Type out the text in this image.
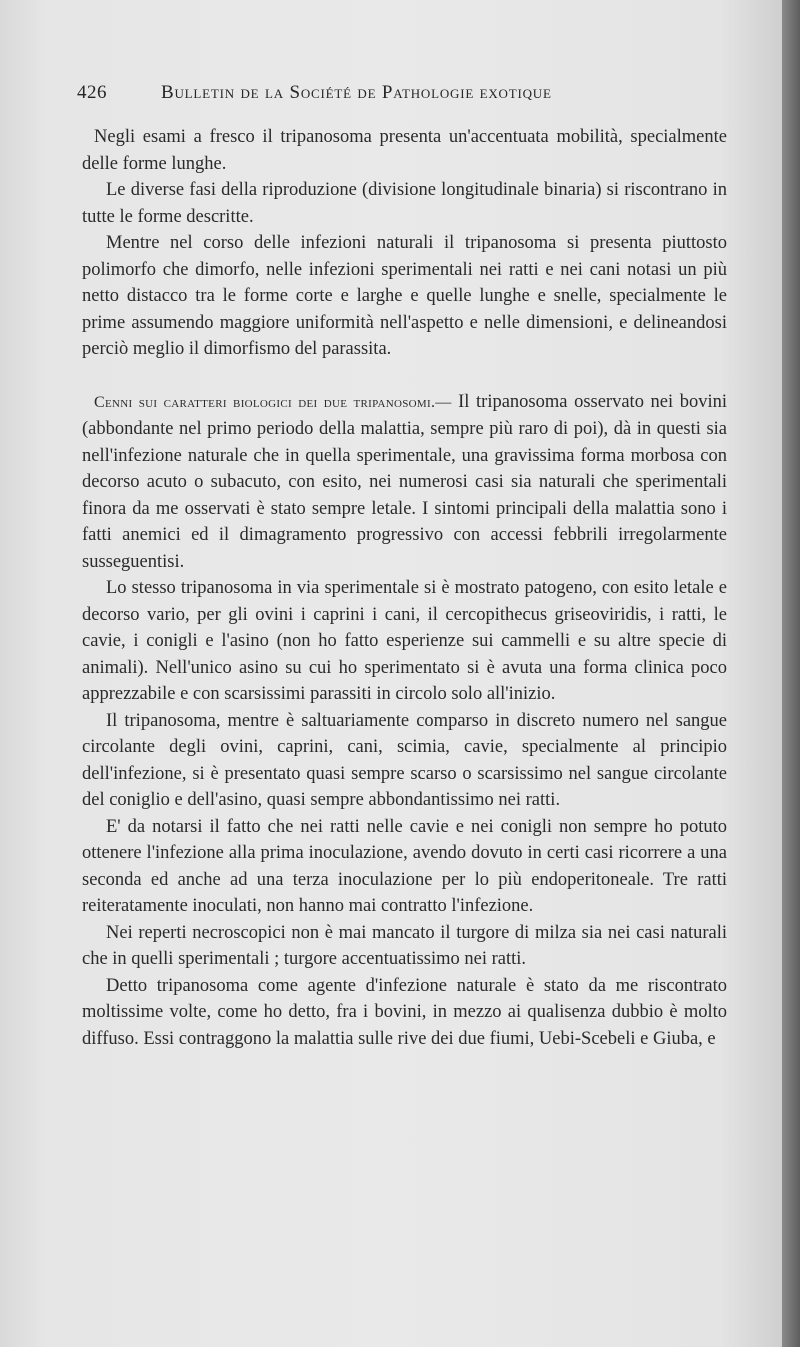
426	Bulletin de la Société de Pathologie exotique

Negli esami a fresco il tripanosoma presenta un'accentuata mobilità, specialmente delle forme lunghe.

Le diverse fasi della riproduzione (divisione longitudinale binaria) si riscontrano in tutte le forme descritte.

Mentre nel corso delle infezioni naturali il tripanosoma si presenta piuttosto polimorfo che dimorfo, nelle infezioni sperimentali nei ratti e nei cani notasi un più netto distacco tra le forme corte e larghe e quelle lunghe e snelle, specialmente le prime assumendo maggiore uniformità nell'aspetto e nelle dimensioni, e delineandosi perciò meglio il dimorfismo del parassita.

Cenni sui caratteri biologici dei due tripanosomi.— Il tripanosoma osservato nei bovini (abbondante nel primo periodo della malattia, sempre più raro di poi), dà in questi sia nell'infezione naturale che in quella sperimentale, una gravissima forma morbosa con decorso acuto o subacuto, con esito, nei numerosi casi sia naturali che sperimentali finora da me osservati è stato sempre letale. I sintomi principali della malattia sono i fatti anemici ed il dimagramento progressivo con accessi febbrili irregolarmente susseguentisi.

Lo stesso tripanosoma in via sperimentale si è mostrato patogeno, con esito letale e decorso vario, per gli ovini i caprini i cani, il cercopithecus griseoviridis, i ratti, le cavie, i conigli e l'asino (non ho fatto esperienze sui cammelli e su altre specie di animali). Nell'unico asino su cui ho sperimentato si è avuta una forma clinica poco apprezzabile e con scarsissimi parassiti in circolo solo all'inizio.

Il tripanosoma, mentre è saltuariamente comparso in discreto numero nel sangue circolante degli ovini, caprini, cani, scimia, cavie, specialmente al principio dell'infezione, si è presentato quasi sempre scarso o scarsissimo nel sangue circolante del coniglio e dell'asino, quasi sempre abbondantissimo nei ratti.

E' da notarsi il fatto che nei ratti nelle cavie e nei conigli non sempre ho potuto ottenere l'infezione alla prima inoculazione, avendo dovuto in certi casi ricorrere a una seconda ed anche ad una terza inoculazione per lo più endoperitoneale. Tre ratti reiteratamente inoculati, non hanno mai contratto l'infezione.

Nei reperti necroscopici non è mai mancato il turgore di milza sia nei casi naturali che in quelli sperimentali ; turgore accentuatissimo nei ratti.

Detto tripanosoma come agente d'infezione naturale è stato da me riscontrato moltissime volte, come ho detto, fra i bovini, in mezzo ai qualisenza dubbio è molto diffuso. Essi contraggono la malattia sulle rive dei due fiumi, Uebi-Scebeli e Giuba, e
